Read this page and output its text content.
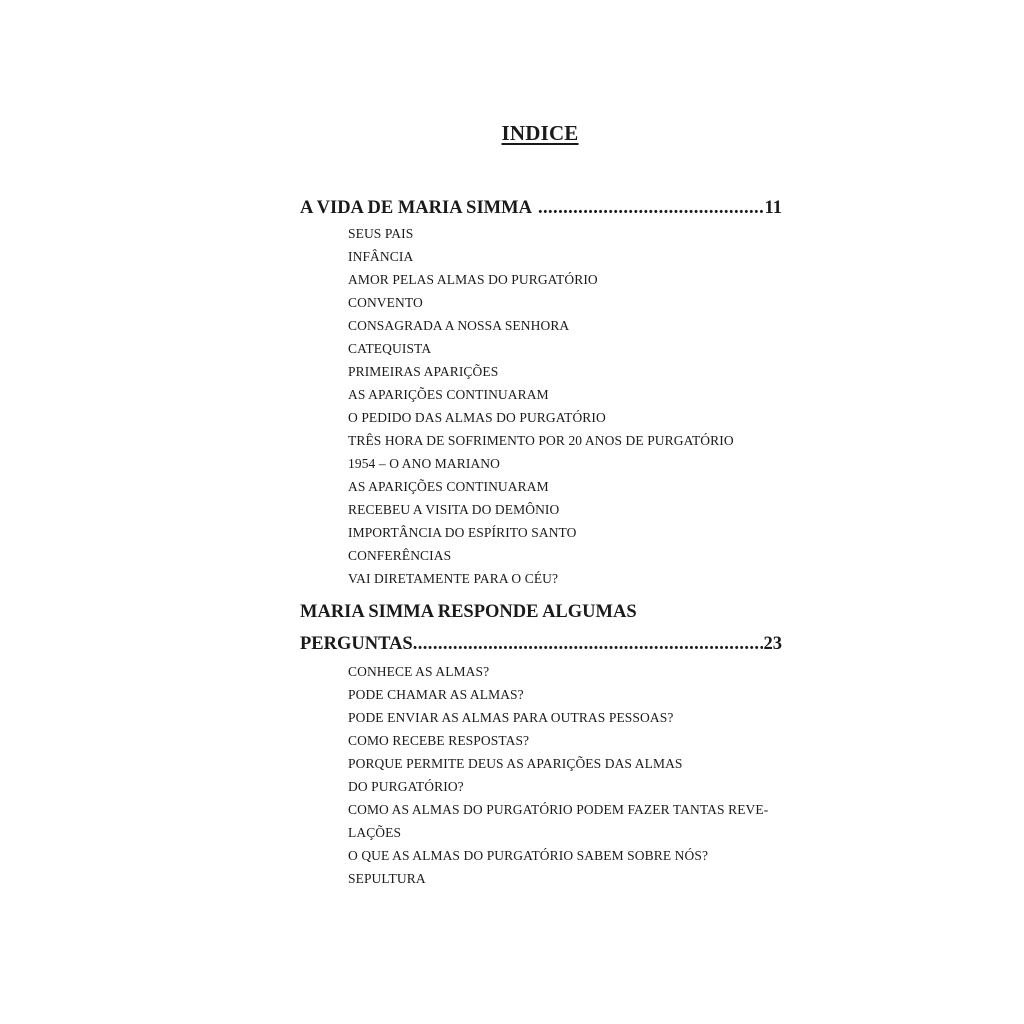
INDICE
A VIDA DE MARIA SIMMA .....	11
SEUS PAIS
INFÂNCIA
AMOR PELAS ALMAS DO PURGATÓRIO
CONVENTO
CONSAGRADA A NOSSA SENHORA
CATEQUISTA
PRIMEIRAS APARIÇÕES
AS APARIÇÕES CONTINUARAM
O PEDIDO DAS ALMAS DO PURGATÓRIO
TRÊS HORA DE SOFRIMENTO POR 20 ANOS DE PURGATÓRIO
1954 – O ANO MARIANO
AS APARIÇÕES CONTINUARAM
RECEBEU A VISITA DO DEMÔNIO
IMPORTÂNCIA DO ESPÍRITO SANTO
CONFERÊNCIAS
VAI DIRETAMENTE PARA O CÉU?
MARIA SIMMA RESPONDE ALGUMAS
PERGUNTAS .....	23
CONHECE AS ALMAS?
PODE CHAMAR AS ALMAS?
PODE ENVIAR AS ALMAS PARA OUTRAS PESSOAS?
COMO RECEBE RESPOSTAS?
PORQUE PERMITE DEUS AS APARIÇÕES DAS ALMAS
DO PURGATÓRIO?
COMO AS ALMAS DO PURGATÓRIO PODEM FAZER TANTAS REVE-
LAÇÕES
O QUE AS ALMAS DO PURGATÓRIO SABEM SOBRE NÓS?
SEPULTURA
